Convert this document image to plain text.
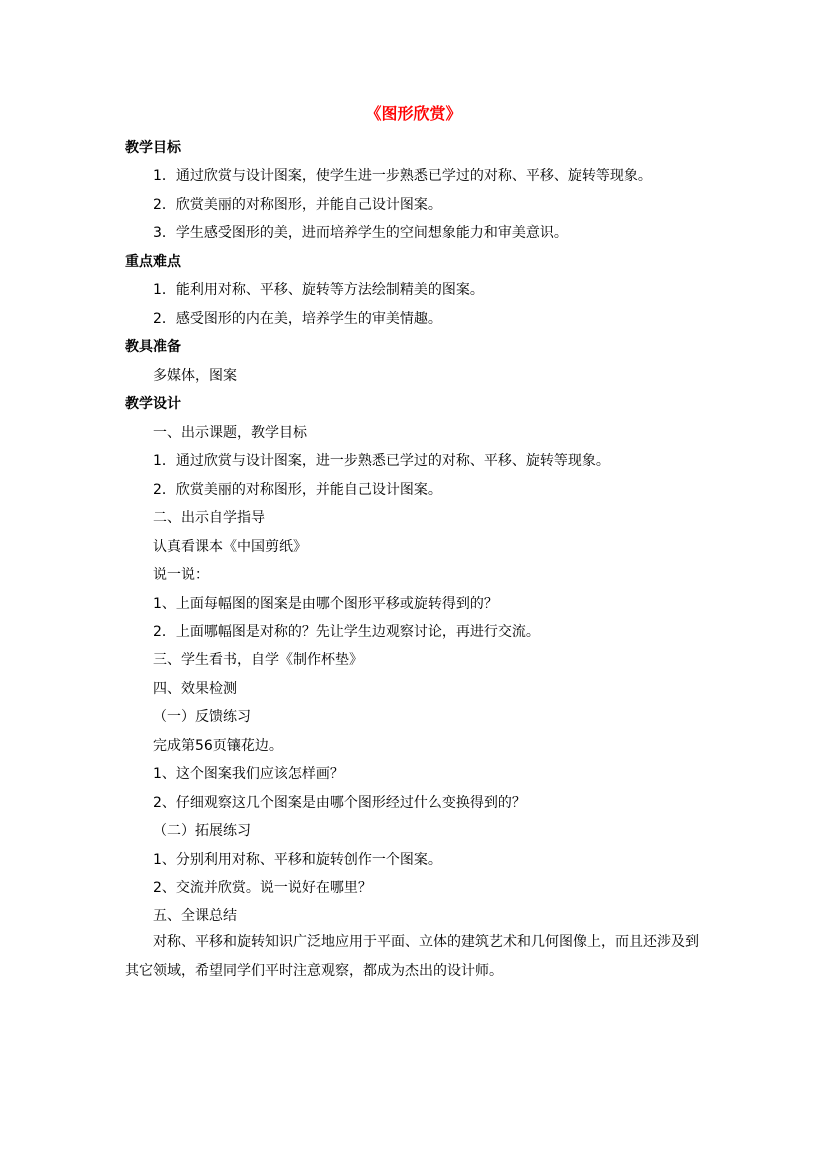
《图形欣赏》
教学目标
1．通过欣赏与设计图案，使学生进一步熟悉已学过的对称、平移、旋转等现象。
2．欣赏美丽的对称图形，并能自己设计图案。
3．学生感受图形的美，进而培养学生的空间想象能力和审美意识。
重点难点
1．能利用对称、平移、旋转等方法绘制精美的图案。
2．感受图形的内在美，培养学生的审美情趣。
教具准备
多媒体，图案
教学设计
一、出示课题，教学目标
1．通过欣赏与设计图案，进一步熟悉已学过的对称、平移、旋转等现象。
2．欣赏美丽的对称图形，并能自己设计图案。
二、出示自学指导
认真看课本《中国剪纸》
说一说：
1、上面每幅图的图案是由哪个图形平移或旋转得到的？
2．上面哪幅图是对称的？先让学生边观察讨论，再进行交流。
三、学生看书，自学《制作杯垫》
四、效果检测
（一）反馈练习
完成第56页镶花边。
1、这个图案我们应该怎样画？
2、仔细观察这几个图案是由哪个图形经过什么变换得到的？
（二）拓展练习
1、分别利用对称、平移和旋转创作一个图案。
2、交流并欣赏。说一说好在哪里？
五、全课总结
对称、平移和旋转知识广泛地应用于平面、立体的建筑艺术和几何图像上，而且还涉及到其它领域，希望同学们平时注意观察，都成为杰出的设计师。
